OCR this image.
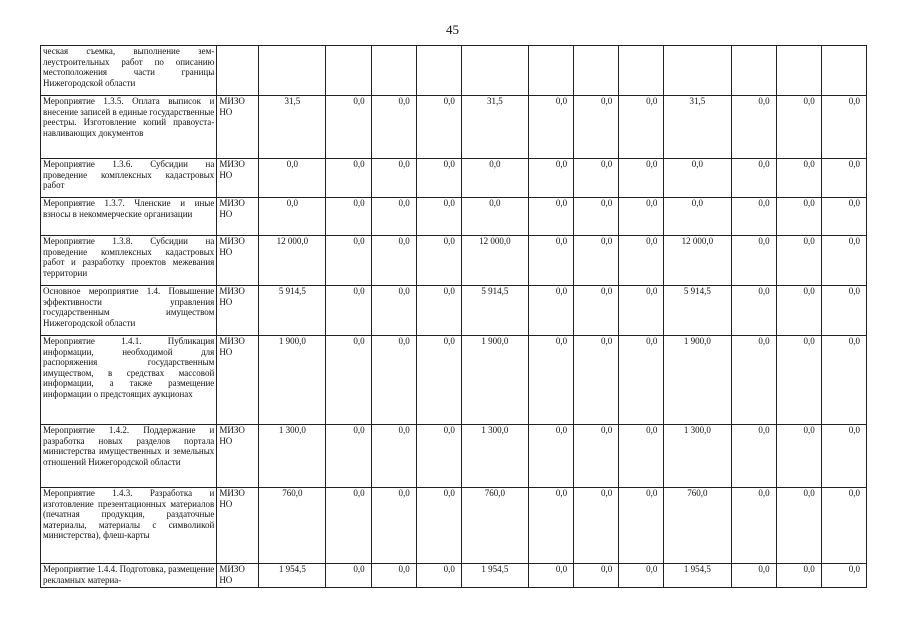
45
ческая съемка, выполнение землеустроительных работ по описанию местоположения части границы Нижегородской области													
Мероприятие 1.3.5. Оплата выписок и внесение записей в единые государственные реестры. Изготовление копий правоустанавливающих документов	МИЗО НО	31,5	0,0	0,0	0,0	31,5	0,0	0,0	0,0	31,5	0,0	0,0	0,0
Мероприятие 1.3.6. Субсидии на проведение комплексных кадастровых работ	МИЗО НО	0,0	0,0	0,0	0,0	0,0	0,0	0,0	0,0	0,0	0,0	0,0	0,0
Мероприятие 1.3.7. Членские и иные взносы в некоммерческие организации	МИЗО НО	0,0	0,0	0,0	0,0	0,0	0,0	0,0	0,0	0,0	0,0	0,0	0,0
Мероприятие 1.3.8. Субсидии на проведение комплексных кадастровых работ и разработку проектов межевания территории	МИЗО НО	12 000,0	0,0	0,0	0,0	12 000,0	0,0	0,0	0,0	12 000,0	0,0	0,0	0,0
Основное мероприятие 1.4. Повышение эффективности управления государственным имуществом Нижегородской области	МИЗО НО	5 914,5	0,0	0,0	0,0	5 914,5	0,0	0,0	0,0	5 914,5	0,0	0,0	0,0
Мероприятие 1.4.1. Публикация информации, необходимой для распоряжения государственным имуществом, в средствах массовой информации, а также размещение информации о предстоящих аукционах	МИЗО НО	1 900,0	0,0	0,0	0,0	1 900,0	0,0	0,0	0,0	1 900,0	0,0	0,0	0,0
Мероприятие 1.4.2. Поддержание и разработка новых разделов портала министерства имущественных и земельных отношений Нижегородской области	МИЗО НО	1 300,0	0,0	0,0	0,0	1 300,0	0,0	0,0	0,0	1 300,0	0,0	0,0	0,0
Мероприятие 1.4.3. Разработка и изготовление презентационных материалов (печатная продукция, раздаточные материалы, материалы с символикой министерства), флеш-карты	МИЗО НО	760,0	0,0	0,0	0,0	760,0	0,0	0,0	0,0	760,0	0,0	0,0	0,0
Мероприятие 1.4.4. Подготовка, размещение рекламных материа-	МИЗО НО	1 954,5	0,0	0,0	0,0	1 954,5	0,0	0,0	0,0	1 954,5	0,0	0,0	0,0
